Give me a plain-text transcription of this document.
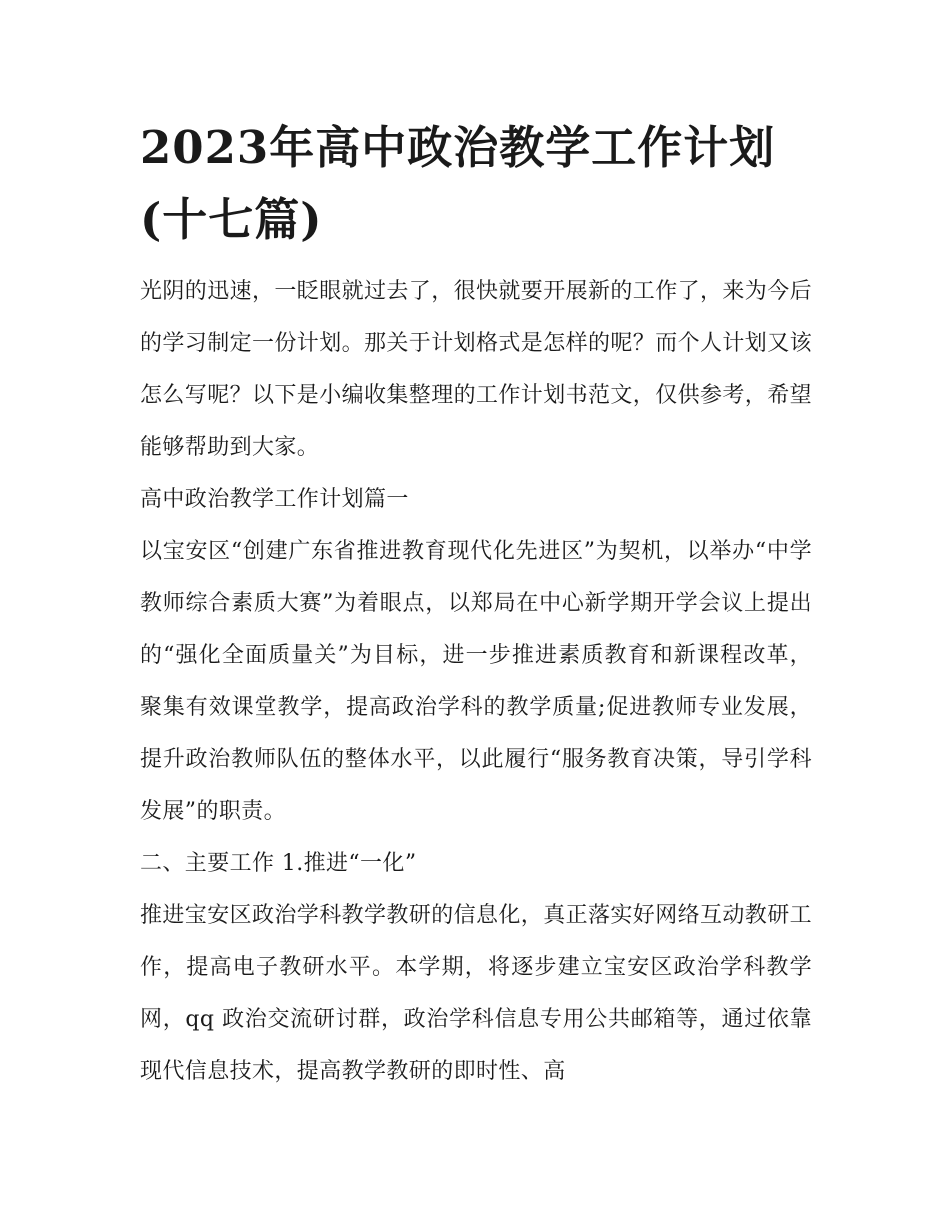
2023年高中政治教学工作计划
(十七篇)

光阴的迅速，一眨眼就过去了，很快就要开展新的工作了，来为今后的学习制定一份计划。那关于计划格式是怎样的呢？而个人计划又该怎么写呢？以下是小编收集整理的工作计划书范文，仅供参考，希望能够帮助到大家。

高中政治教学工作计划篇一

以宝安区“创建广东省推进教育现代化先进区”为契机，以举办“中学教师综合素质大赛”为着眼点，以郑局在中心新学期开学会议上提出的“强化全面质量关”为目标，进一步推进素质教育和新课程改革，聚集有效课堂教学，提高政治学科的教学质量;促进教师专业发展，提升政治教师队伍的整体水平，以此履行“服务教育决策，导引学科发展”的职责。

二、主要工作 1.推进“一化”

推进宝安区政治学科教学教研的信息化，真正落实好网络互动教研工作，提高电子教研水平。本学期，将逐步建立宝安区政治学科教学网，qq 政治交流研讨群，政治学科信息专用公共邮箱等，通过依靠现代信息技术，提高教学教研的即时性、高
